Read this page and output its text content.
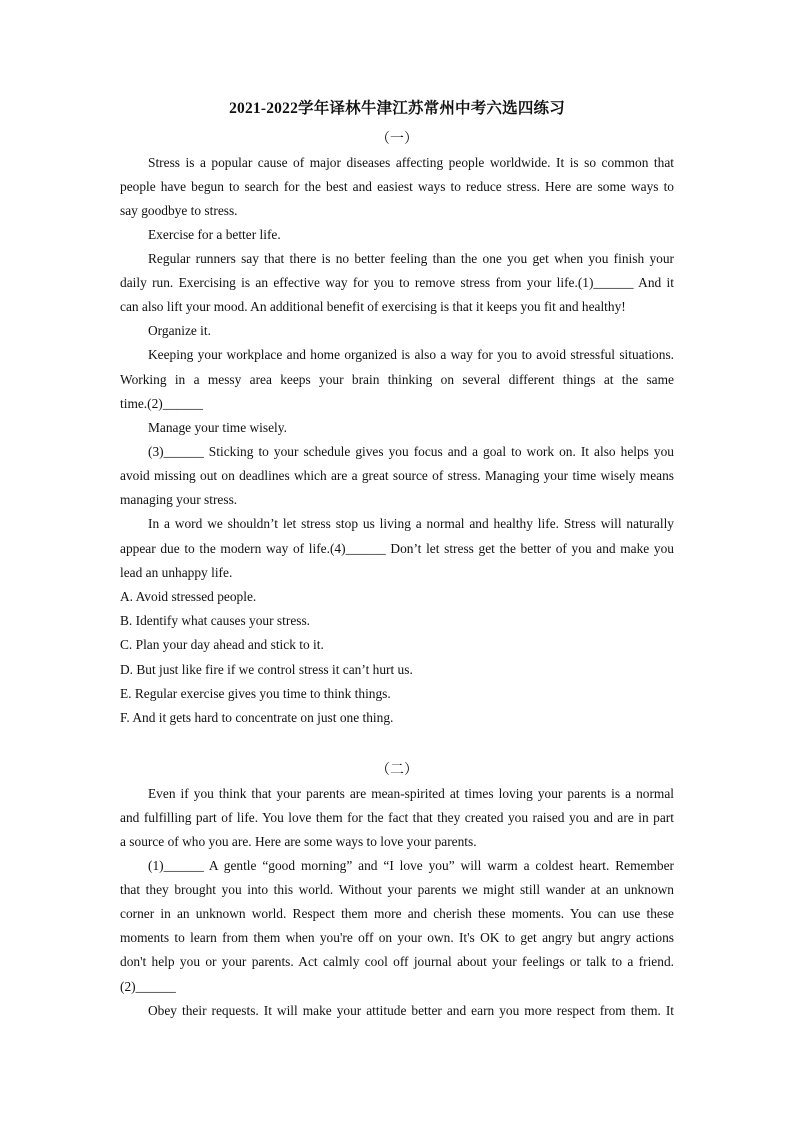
2021-2022学年译林牛津江苏常州中考六选四练习
（一）
Stress is a popular cause of major diseases affecting people worldwide. It is so common that
people have begun to search for the best and easiest ways to reduce stress. Here are some ways to
say goodbye to stress.
Exercise for a better life.
Regular runners say that there is no better feeling than the one you get when you finish your
daily run. Exercising is an effective way for you to remove stress from your life.(1)______ And it
can also lift your mood. An additional benefit of exercising is that it keeps you fit and healthy!
Organize it.
Keeping your workplace and home organized is also a way for you to avoid stressful situations.
Working in a messy area keeps your brain thinking on several different things at the same
time.(2)______
Manage your time wisely.
(3)______ Sticking to your schedule gives you focus and a goal to work on. It also helps you
avoid missing out on deadlines which are a great source of stress. Managing your time wisely means
managing your stress.
In a word we shouldn’t let stress stop us living a normal and healthy life. Stress will naturally
appear due to the modern way of life.(4)______ Don’t let stress get the better of you and make you
lead an unhappy life.
A. Avoid stressed people.
B. Identify what causes your stress.
C. Plan your day ahead and stick to it.
D. But just like fire if we control stress it can’t hurt us.
E. Regular exercise gives you time to think things.
F. And it gets hard to concentrate on just one thing.
（二）
Even if you think that your parents are mean-spirited at times loving your parents is a normal
and fulfilling part of life. You love them for the fact that they created you raised you and are in part
a source of who you are. Here are some ways to love your parents.
(1)______ A gentle “good morning” and “I love you” will warm a coldest heart. Remember
that they brought you into this world. Without your parents we might still wander at an unknown
corner in an unknown world. Respect them more and cherish these moments. You can use these
moments to learn from them when you're off on your own. It's OK to get angry but angry actions
don't help you or your parents. Act calmly cool off journal about your feelings or talk to a friend.
(2)______
Obey their requests. It will make your attitude better and earn you more respect from them. It
